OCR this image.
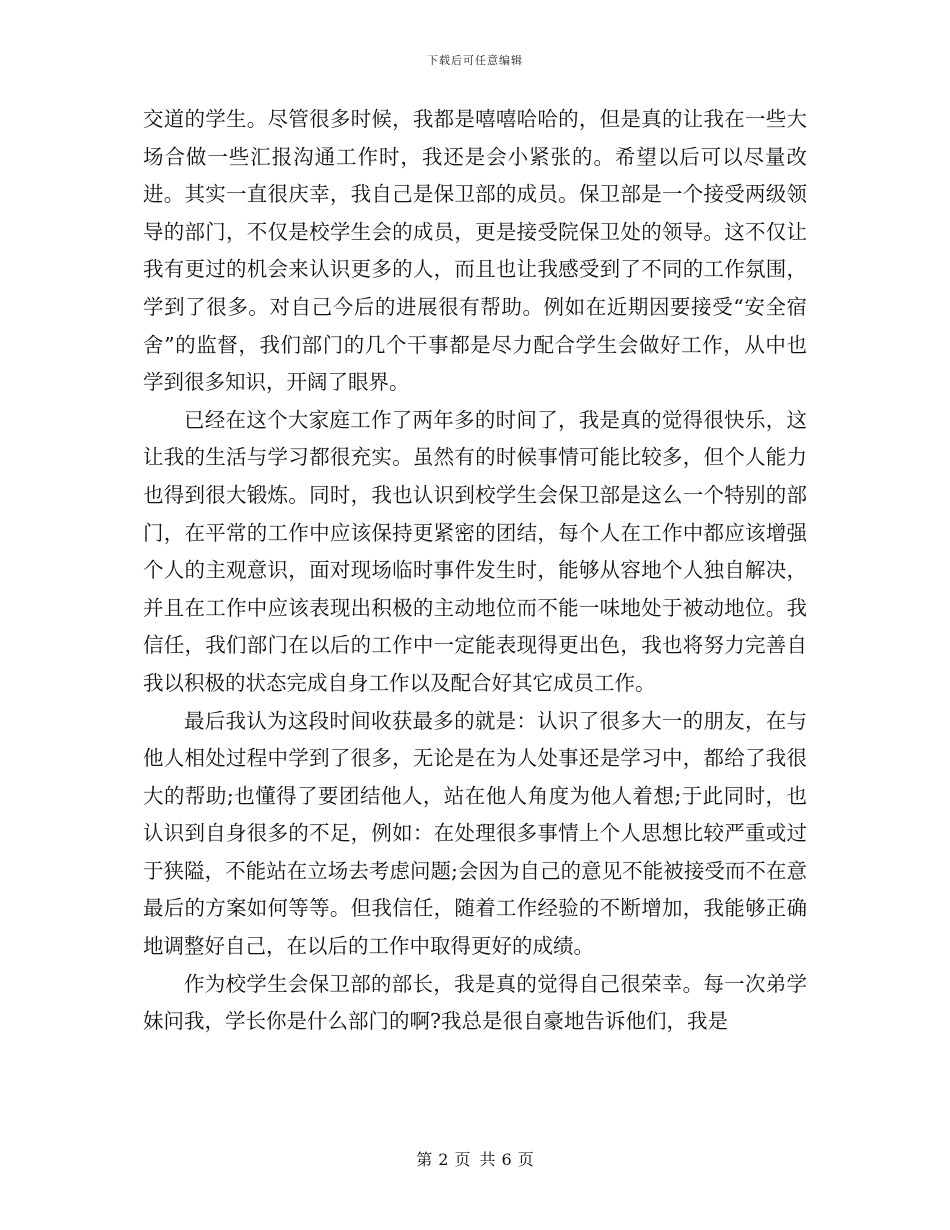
下载后可任意编辑

交道的学生。尽管很多时候，我都是嘻嘻哈哈的，但是真的让我在一些大场合做一些汇报沟通工作时，我还是会小紧张的。希望以后可以尽量改进。其实一直很庆幸，我自己是保卫部的成员。保卫部是一个接受两级领导的部门，不仅是校学生会的成员，更是接受院保卫处的领导。这不仅让我有更过的机会来认识更多的人，而且也让我感受到了不同的工作氛围，学到了很多。对自己今后的进展很有帮助。例如在近期因要接受“安全宿舍”的监督，我们部门的几个干事都是尽力配合学生会做好工作，从中也学到很多知识，开阔了眼界。

已经在这个大家庭工作了两年多的时间了，我是真的觉得很快乐，这让我的生活与学习都很充实。虽然有的时候事情可能比较多，但个人能力也得到很大锻炼。同时，我也认识到校学生会保卫部是这么一个特别的部门，在平常的工作中应该保持更紧密的团结，每个人在工作中都应该增强个人的主观意识，面对现场临时事件发生时，能够从容地个人独自解决，并且在工作中应该表现出积极的主动地位而不能一味地处于被动地位。我信任，我们部门在以后的工作中一定能表现得更出色，我也将努力完善自我以积极的状态完成自身工作以及配合好其它成员工作。

最后我认为这段时间收获最多的就是：认识了很多大一的朋友，在与他人相处过程中学到了很多，无论是在为人处事还是学习中，都给了我很大的帮助;也懂得了要团结他人，站在他人角度为他人着想;于此同时，也认识到自身很多的不足，例如：在处理很多事情上个人思想比较严重或过于狭隘，不能站在立场去考虑问题;会因为自己的意见不能被接受而不在意最后的方案如何等等。但我信任，随着工作经验的不断增加，我能够正确地调整好自己，在以后的工作中取得更好的成绩。

作为校学生会保卫部的部长，我是真的觉得自己很荣幸。每一次弟学妹问我，学长你是什么部门的啊?我总是很自豪地告诉他们，我是

第 2 页 共 6 页
